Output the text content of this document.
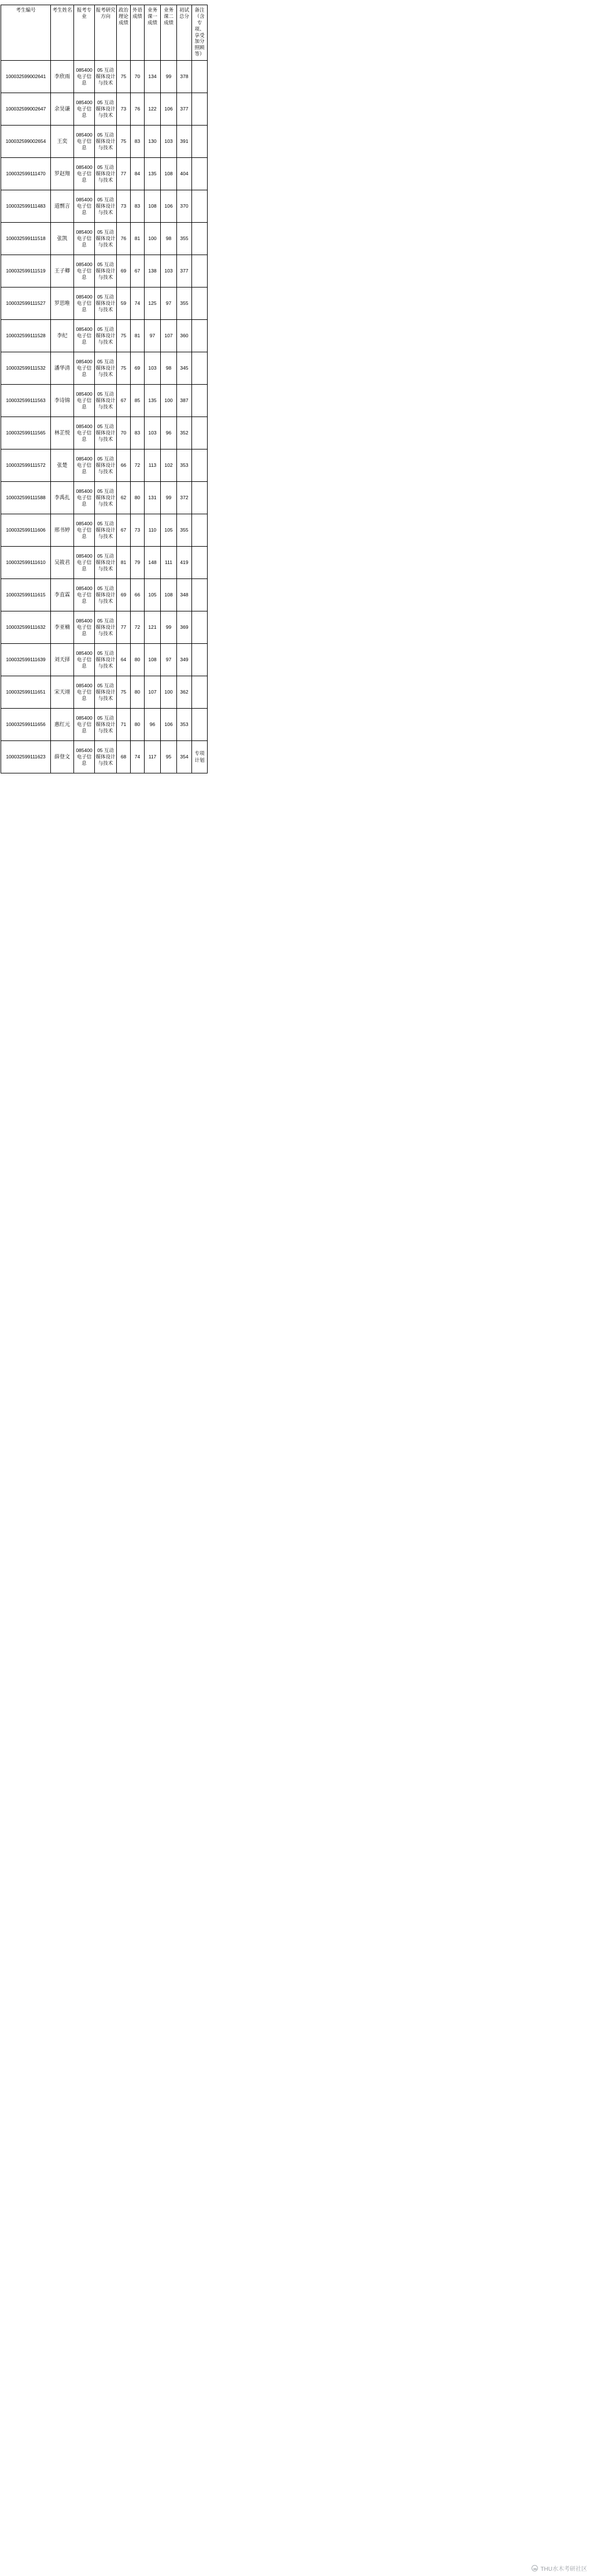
考生编号	考生姓名	报考专业	报考研究方向	政治理论成绩	外语成绩	业务课一成绩	业务课二成绩	初试总分	备注（含专项、享受加分照顾等）
100032599002641	李欣雨	085400 电子信息	05 互动媒体设计与技术	75	70	134	99	378	
100032599002647	余昊谦	085400 电子信息	05 互动媒体设计与技术	73	76	122	106	377	
100032599002654	王奕	085400 电子信息	05 互动媒体设计与技术	75	83	130	103	391	
100032599111470	罗赵翔	085400 电子信息	05 互动媒体设计与技术	77	84	135	108	404	
100032599111483	道剽言	085400 电子信息	05 互动媒体设计与技术	73	83	108	106	370	
100032599111518	张凯	085400 电子信息	05 互动媒体设计与技术	76	81	100	98	355	
100032599111519	王子卿	085400 电子信息	05 互动媒体设计与技术	69	67	138	103	377	
100032599111527	罗思唯	085400 电子信息	05 互动媒体设计与技术	59	74	125	97	355	
100032599111528	李纪	085400 电子信息	05 互动媒体设计与技术	75	81	97	107	360	
100032599111532	潘华清	085400 电子信息	05 互动媒体设计与技术	75	69	103	98	345	
100032599111563	李诗锦	085400 电子信息	05 互动媒体设计与技术	67	85	135	100	387	
100032599111565	林芷悦	085400 电子信息	05 互动媒体设计与技术	70	83	103	96	352	
100032599111572	张楚	085400 电子信息	05 互动媒体设计与技术	66	72	113	102	353	
100032599111588	李禹扎	085400 电子信息	05 互动媒体设计与技术	62	80	131	99	372	
100032599111606	邢书婷	085400 电子信息	05 互动媒体设计与技术	67	73	110	105	355	
100032599111610	吴筱君	085400 电子信息	05 互动媒体设计与技术	81	79	148	111	419	
100032599111615	李直霖	085400 电子信息	05 互动媒体设计与技术	69	66	105	108	348	
100032599111632	李亚楠	085400 电子信息	05 互动媒体设计与技术	77	72	121	99	369	
100032599111639	刘天择	085400 电子信息	05 互动媒体设计与技术	64	80	108	97	349	
100032599111651	宋天翊	085400 电子信息	05 互动媒体设计与技术	75	80	107	100	362	
100032599111656	惠红元	085400 电子信息	05 互动媒体设计与技术	71	80	96	106	353	
100032599111623	薛登文	085400 电子信息	05 互动媒体设计与技术	68	74	117	95	354	专项计划
THU水木考研社区
